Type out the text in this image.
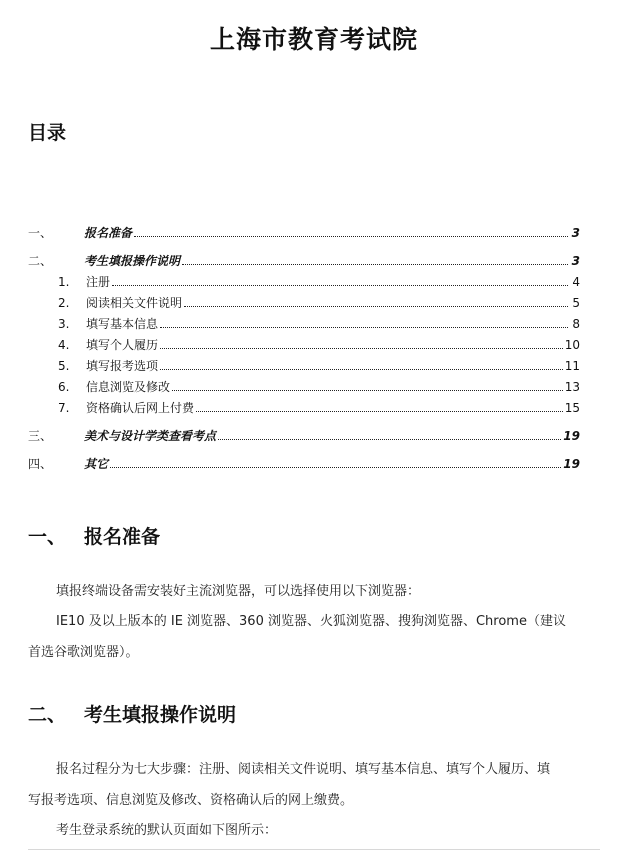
上海市教育考试院
目录
一、	报名准备	3
二、	考生填报操作说明	3
1.	注册	4
2.	阅读相关文件说明	5
3.	填写基本信息	8
4.	填写个人履历	10
5.	填写报考选项	11
6.	信息浏览及修改	13
7.	资格确认后网上付费	15
三、	美术与设计学类查看考点	19
四、	其它	19
一、 报名准备
填报终端设备需安装好主流浏览器，可以选择使用以下浏览器：
IE10 及以上版本的 IE 浏览器、360 浏览器、火狐浏览器、搜狗浏览器、Chrome（建议
首选谷歌浏览器）。
二、 考生填报操作说明
报名过程分为七大步骤：注册、阅读相关文件说明、填写基本信息、填写个人履历、填
写报考选项、信息浏览及修改、资格确认后的网上缴费。
考生登录系统的默认页面如下图所示：
